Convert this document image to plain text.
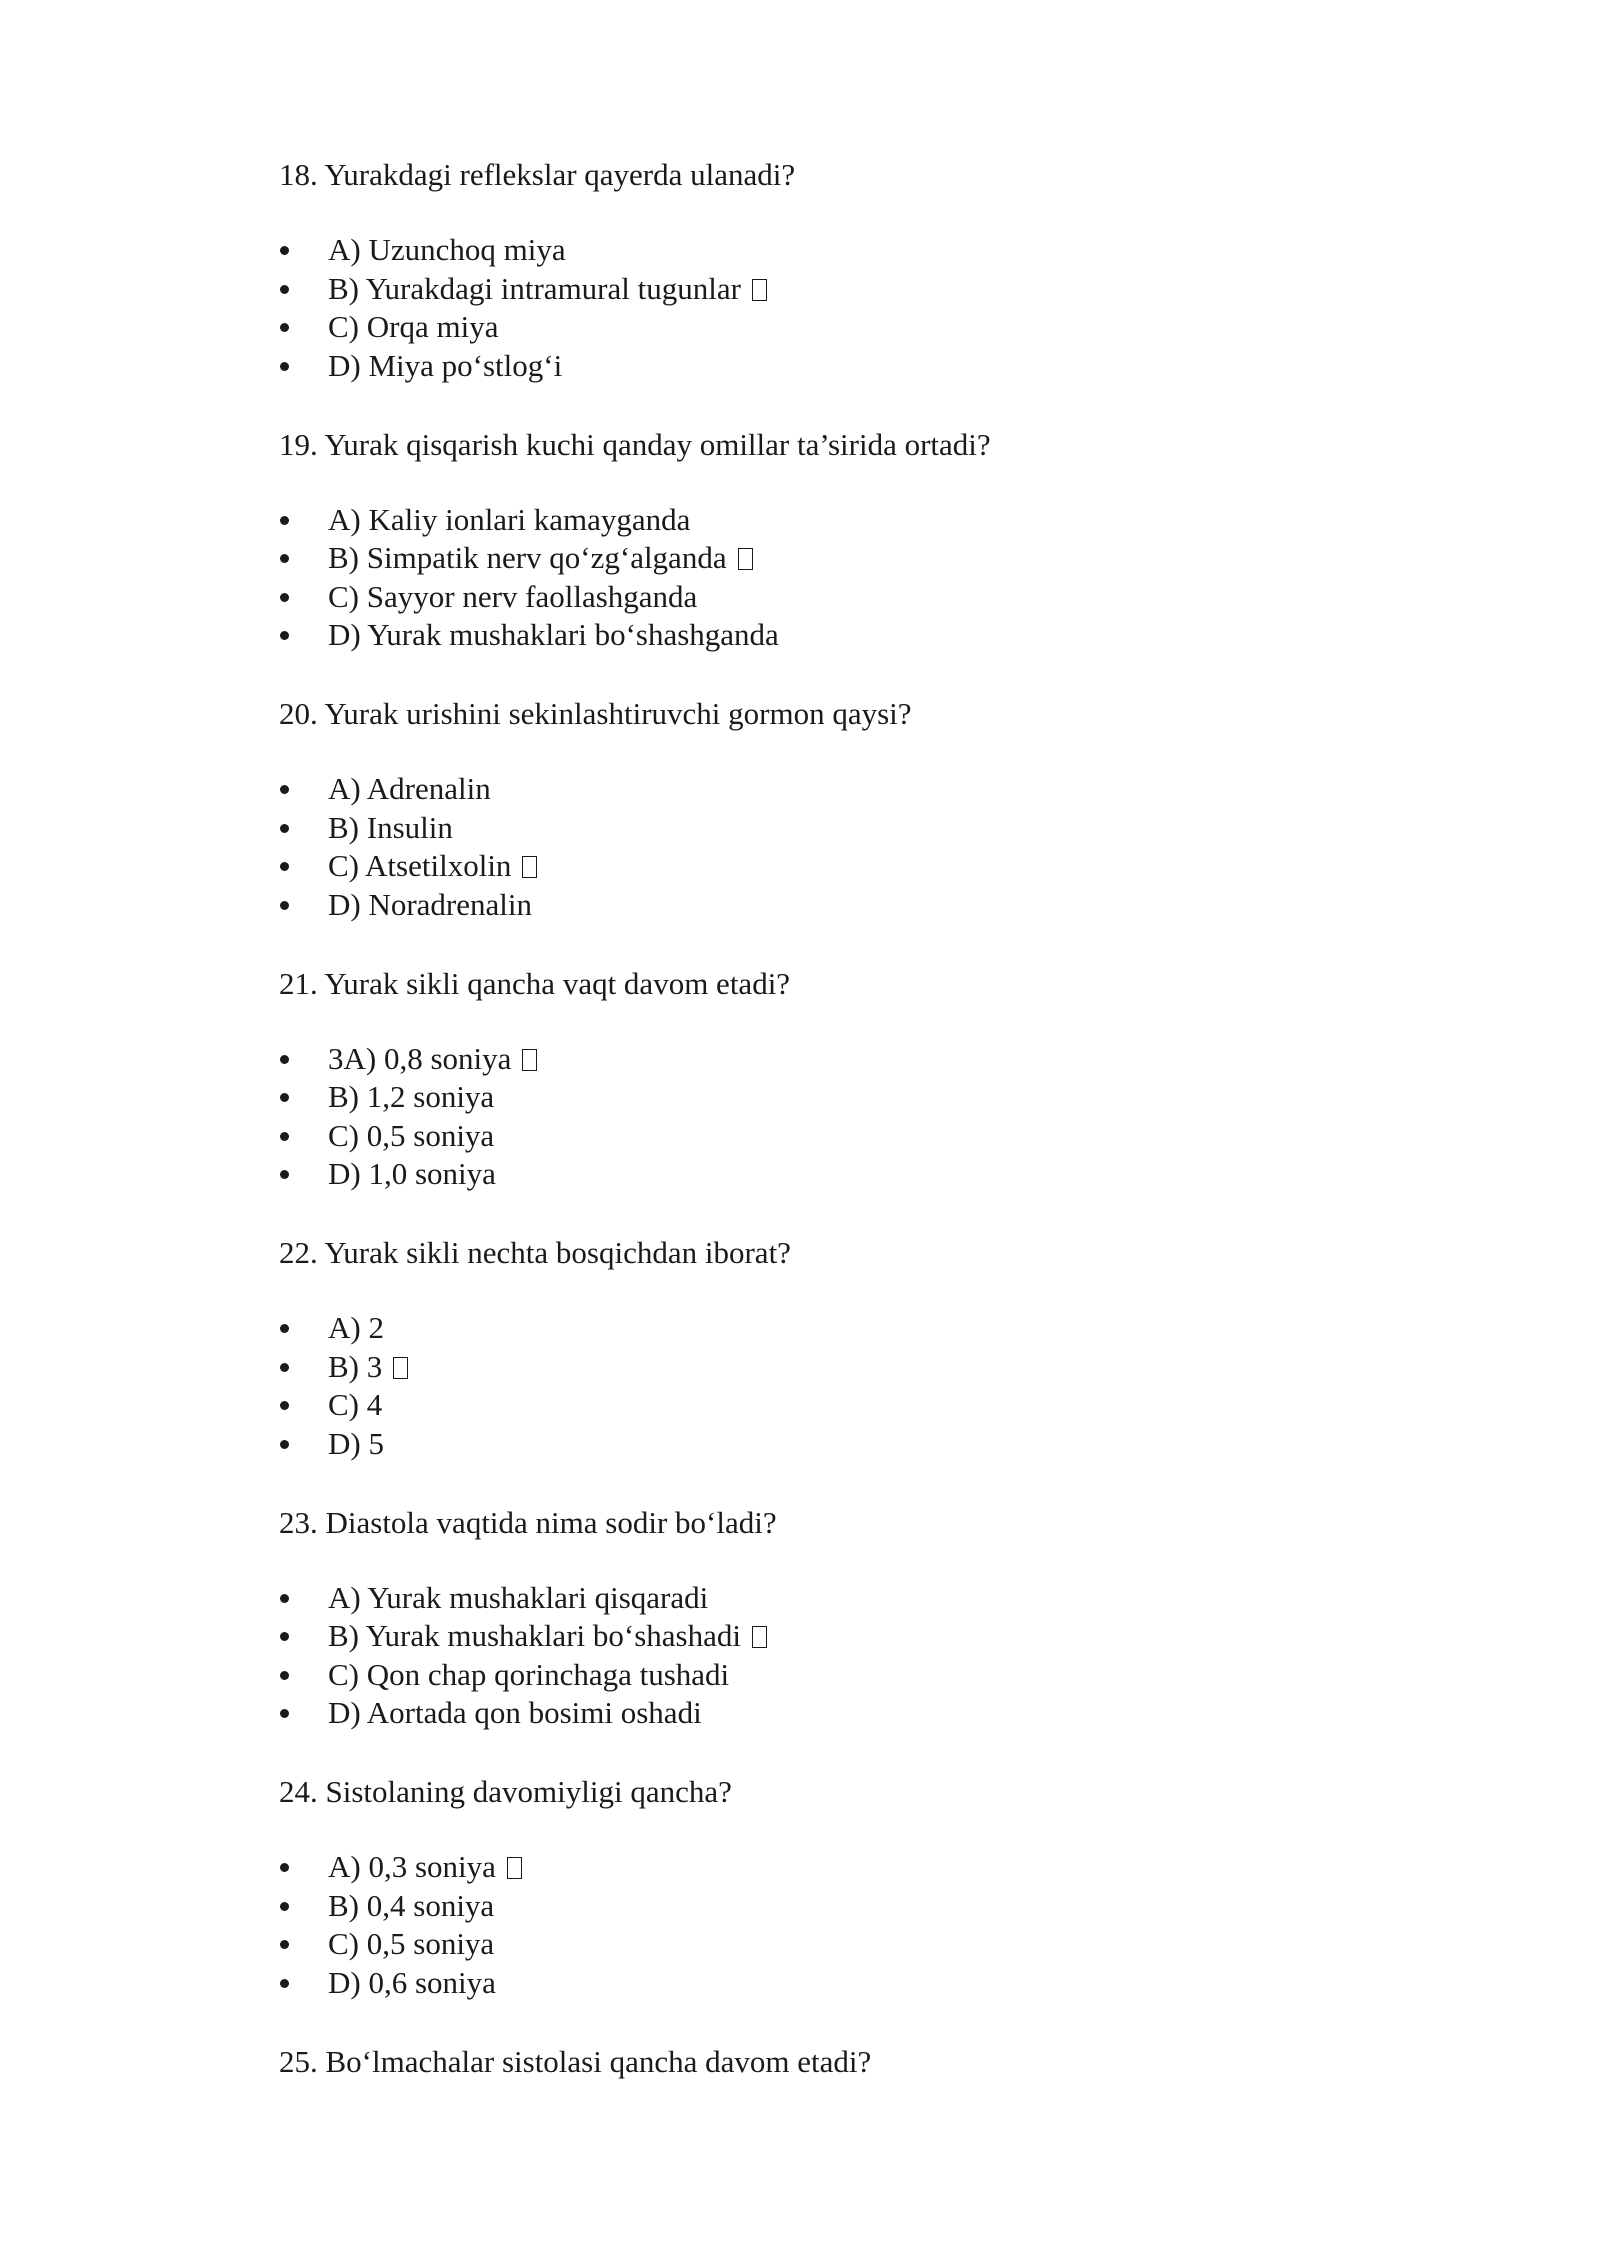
18. Yurakdagi reflekslar qayerda ulanadi?

A) Uzunchoq miya
B) Yurakdagi intramural tugunlar
C) Orqa miya
D) Miya po‘stlog‘i

19. Yurak qisqarish kuchi qanday omillar ta’sirida ortadi?

A) Kaliy ionlari kamayganda
B) Simpatik nerv qo‘zg‘alganda
C) Sayyor nerv faollashganda
D) Yurak mushaklari bo‘shashganda

20. Yurak urishini sekinlashtiruvchi gormon qaysi?

A) Adrenalin
B) Insulin
C) Atsetilxolin
D) Noradrenalin

21. Yurak sikli qancha vaqt davom etadi?

3A) 0,8 soniya
B) 1,2 soniya
C) 0,5 soniya
D) 1,0 soniya

22. Yurak sikli nechta bosqichdan iborat?

A) 2
B) 3
C) 4
D) 5

23. Diastola vaqtida nima sodir bo‘ladi?

A) Yurak mushaklari qisqaradi
B) Yurak mushaklari bo‘shashadi
C) Qon chap qorinchaga tushadi
D) Aortada qon bosimi oshadi

24. Sistolaning davomiyligi qancha?

A) 0,3 soniya
B) 0,4 soniya
C) 0,5 soniya
D) 0,6 soniya

25. Bo‘lmachalar sistolasi qancha davom etadi?
